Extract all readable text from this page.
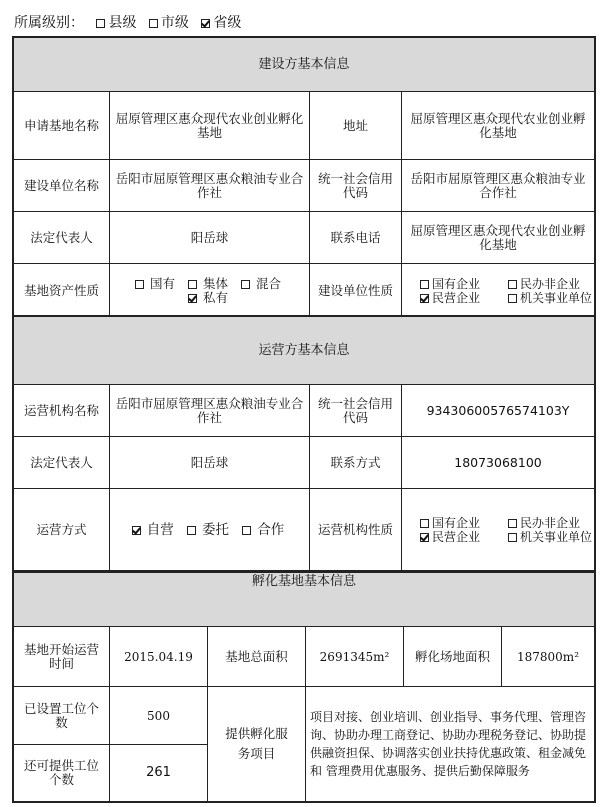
所属级别： 县级 市级 省级
建设方基本信息			
申请基地名称	屈原管理区惠众现代农业创业孵化基地	地址	屈原管理区惠众现代农业创业孵化基地
建设单位名称	岳阳市屈原管理区惠众粮油专业合作社	统一社会信用代码	岳阳市屈原管理区惠众粮油专业合作社
法定代表人	阳岳球	联系电话	屈原管理区惠众现代农业创业孵化基地
基地资产性质	国有 集体 混合 私有	建设单位性质	国有企业 民办非企业
民营企业 机关事业单位
运营方基本信息			
运营机构名称	岳阳市屈原管理区惠众粮油专业合作社	统一社会信用代码	93430600576574103Y
法定代表人	阳岳球	联系方式	18073068100
运营方式	自营 委托 合作	运营机构性质	国有企业 民办非企业
民营企业 机关事业单位
孵化基地基本信息					
基地开始运营时间	2015.04.19	基地总面积	2691345m²	孵化场地面积	187800m²
已设置工位个数	500	提供孵化服务项目	项目对接、创业培训、创业指导、事务代理、管理咨询、协助办理工商登记、协助办理税务登记、协助提供融资担保、协调落实创业扶持优惠政策、租金减免和 管理费用优惠服务、提供后勤保障服务		
还可提供工位个数	261				
